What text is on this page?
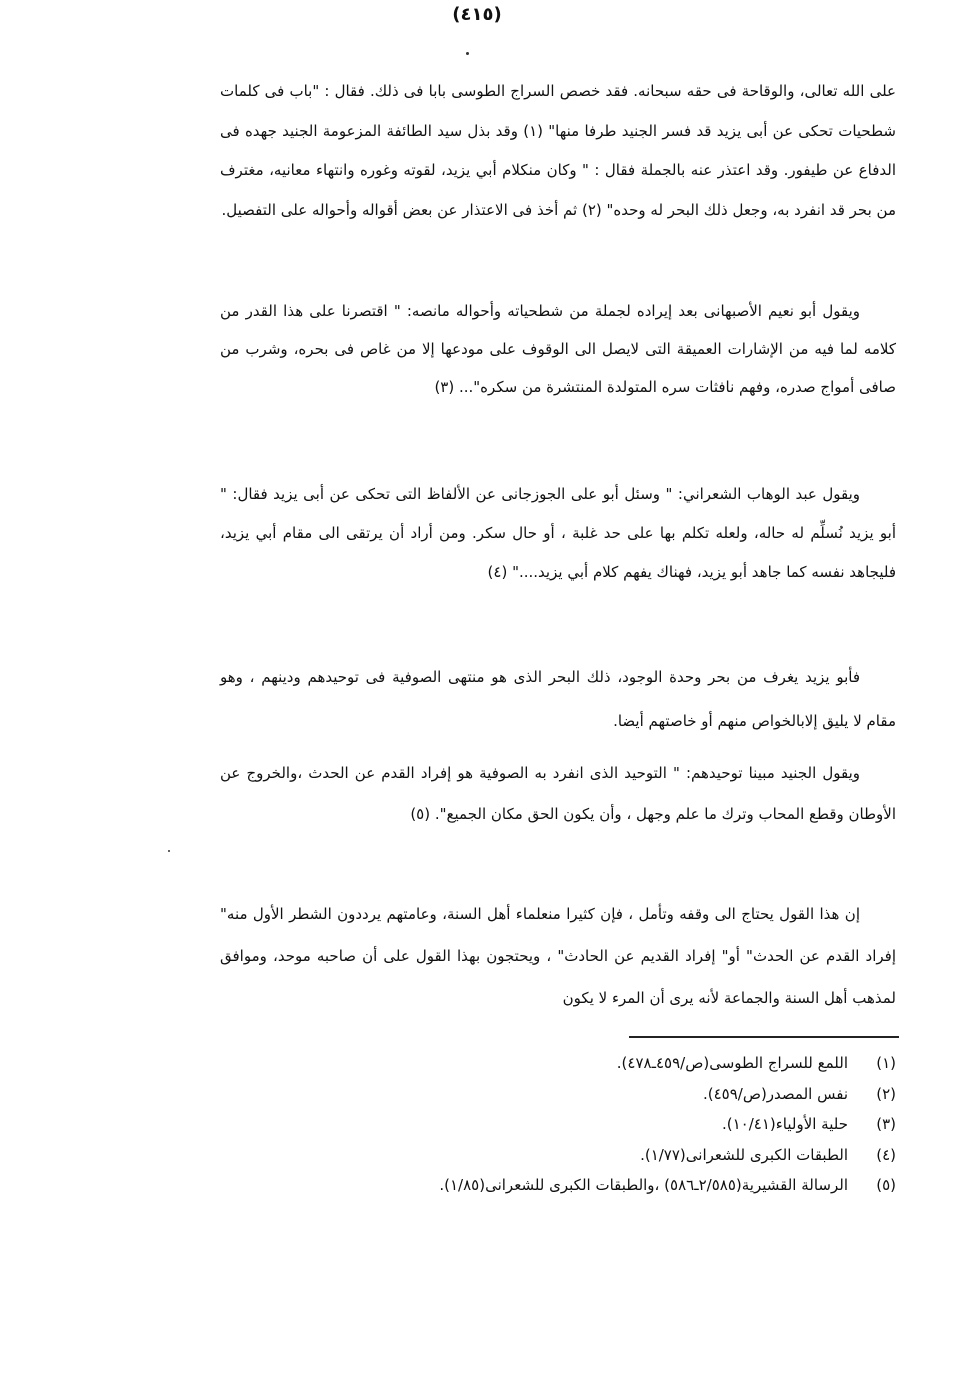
(٤١٥)

على الله تعالى، والوقاحة فى حقه سبحانه. فقد خصص السراج الطوسى بابا فى ذلك. فقال : "باب فى كلمات شطحيات تحكى عن أبى يزيد قد فسر الجنيد طرفا منها" (١) وقد بذل سيد الطائفة المزعومة الجنيد جهده فى الدفاع عن طيفور. وقد اعتذر عنه بالجملة فقال : " وكان منكلام أبي يزيد، لقوته وغوره وانتهاء معانيه، مغترف من بحر قد انفرد به، وجعل ذلك البحر له وحده" (٢) ثم أخذ فى الاعتذار عن بعض أقواله وأحواله على التفصيل.

ويقول أبو نعيم الأصبهانى بعد إيراده لجملة من شطحياته وأحواله مانصه: " اقتصرنا على هذا القدر من كلامه لما فيه من الإشارات العميقة التى لايصل الى الوقوف على مودعها إلا من غاص فى بحره، وشرب من صافى أمواج صدره، وفهم نافثات سره المتولدة المنتشرة من سكره"... (٣)

ويقول عبد الوهاب الشعراني: " وسئل أبو على الجوزجانى عن الألفاظ التى تحكى عن أبى يزيد فقال: " أبو يزيد نُسلِّم له حاله، ولعله تكلم بها على حد غلبة ، أو حال سكر. ومن أراد أن يرتقى الى مقام أبي يزيد، فليجاهد نفسه كما جاهد أبو يزيد، فهناك يفهم كلام أبي يزيد...." (٤)

فأبو يزيد يغرف من بحر وحدة الوجود، ذلك البحر الذى هو منتهى الصوفية فى توحيدهم ودينهم ، وهو مقام لا يليق إلابالخواص منهم أو خاصتهم أيضا.

ويقول الجنيد مبينا توحيدهم: " التوحيد الذى انفرد به الصوفية هو إفراد القدم عن الحدث ،والخروج عن الأوطان وقطع المحاب وترك ما علم وجهل ، وأن يكون الحق مكان الجميع". (٥)

إن هذا القول يحتاج الى وقفه وتأمل ، فإن كثيرا منعلماء أهل السنة، وعامتهم يرددون الشطر الأول منه" إفراد القدم عن الحدث" أو" إفراد القديم عن الحادث" ، ويحتجون بهذا القول على أن صاحبه موحد، وموافق لمذهب أهل السنة والجماعة لأنه يرى أن المرء لا يكون

(١)
اللمع للسراج الطوسى(ص/٤٥٩ـ٤٧٨).
(٢)
نفس المصدر(ص/٤٥٩).
(٣)
حلية الأولياء(١٠/٤١).
(٤)
الطبقات الكبرى للشعرانى(١/٧٧).
(٥)
الرسالة القشيرية(٢/٥٨٥ـ٥٨٦) ،والطبقات الكبرى للشعرانى(١/٨٥).
